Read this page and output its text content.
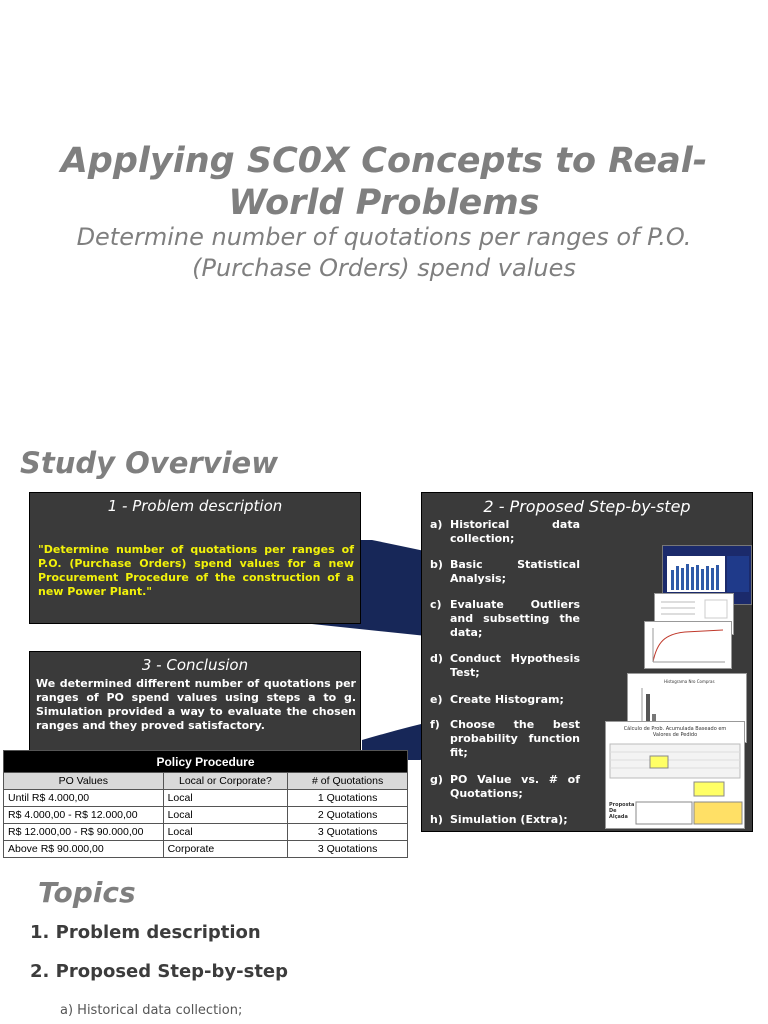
Applying SC0X Concepts to Real-
World Problems
Determine number of quotations per ranges of P.O. (Purchase Orders) spend values
Study Overview
1 - Problem description
"Determine number of quotations per ranges of P.O. (Purchase Orders) spend values for a new Procurement Procedure of the construction of a new Power Plant."
3 - Conclusion
We determined different number of quotations per ranges of PO spend values using steps a to g. Simulation provided a way to evaluate the chosen ranges and they proved satisfactory.
2 - Proposed Step-by-step
a) Historical data collection;
b) Basic Statistical Analysis;
c) Evaluate Outliers and subsetting the data;
d) Conduct Hypothesis Test;
e) Create Histogram;
f) Choose the best probability function fit;
g) PO Value vs. # of Quotations;
h) Simulation (Extra);
Histograma Nro Compras
Cálculo de Prob. Acumulada Baseado em Valores de Pedido
Proposta De Alçada
Policy Procedure		
PO Values	Local or Corporate?	# of Quotations
Until R$ 4.000,00	Local	1 Quotations
R$ 4.000,00 - R$ 12.000,00	Local	2 Quotations
R$ 12.000,00 - R$ 90.000,00	Local	3 Quotations
Above R$ 90.000,00	Corporate	3 Quotations
Topics
1. Problem description
2. Proposed Step-by-step
a) Historical data collection;
